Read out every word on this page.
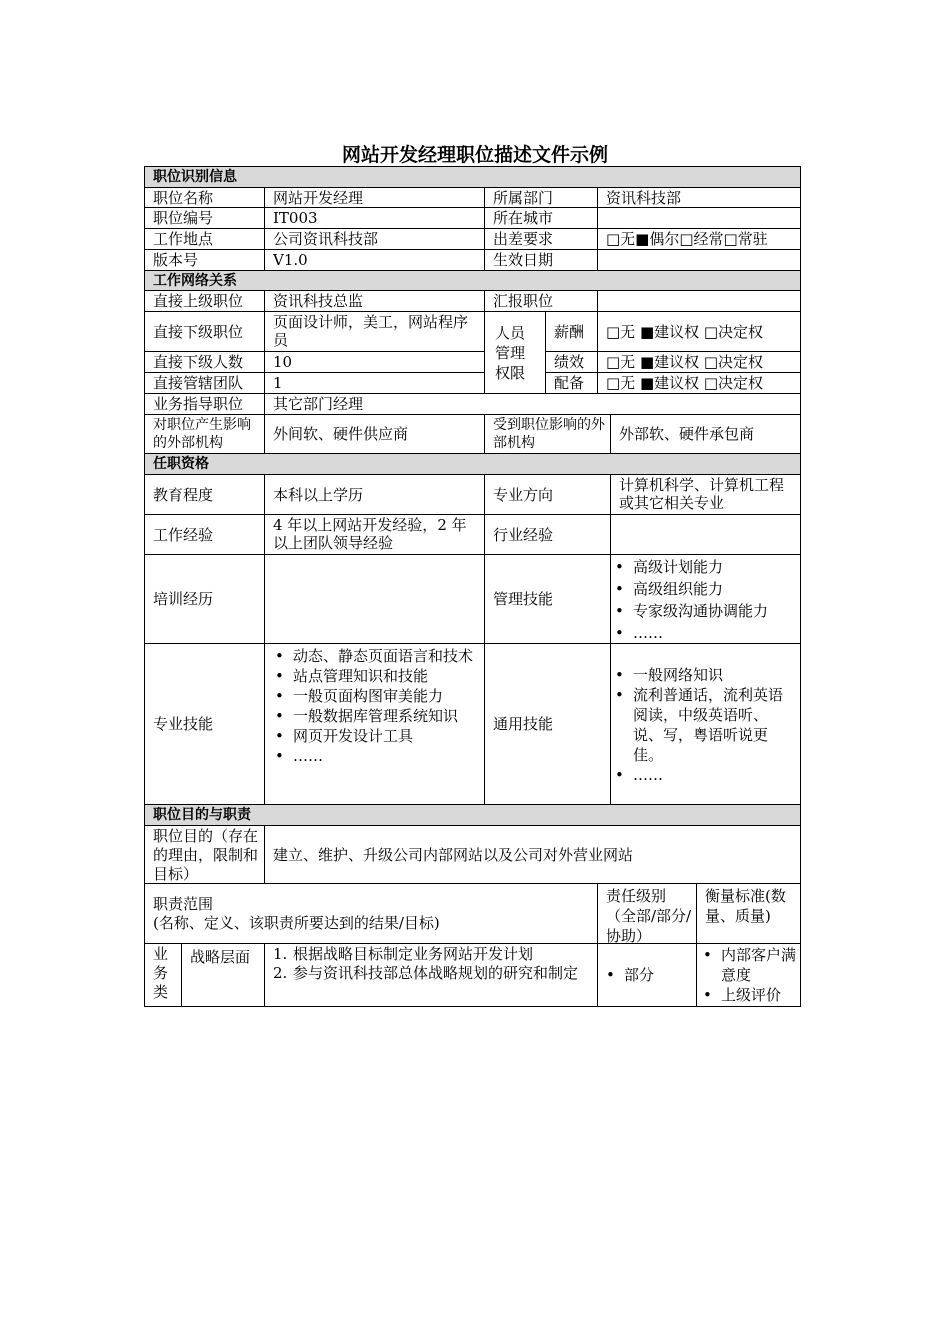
网站开发经理职位描述文件示例
职位识别信息
职位名称	网站开发经理	所属部门	资讯科技部
职位编号	IT003	所在城市
工作地点	公司资讯科技部	出差要求	□无■偶尔□经常□常驻
版本号	V1.0	生效日期
工作网络关系
直接上级职位	资讯科技总监	汇报职位
直接下级职位
页面设计师，美工，网站程序员	人员管理权限
薪酬 □无 ■建议权 □决定权
直接下级人数	10	绩效	□无 ■建议权 □决定权
直接管辖团队	1	配备	□无 ■建议权 □决定权
业务指导职位	其它部门经理
对职位产生影响的外部机构	外间软、硬件供应商	受到职位影响的外部机构	外部软、硬件承包商
任职资格
教育程度	本科以上学历	专业方向
计算机科学、计算机工程或其它相关专业
工作经验
4 年以上网站开发经验，2 年以上团队领导经验	行业经验
培训经历	管理技能
• 高级计划能力
• 高级组织能力
• 专家级沟通协调能力
• ……
专业技能
• 动态、静态页面语言和技术
• 站点管理知识和技能
• 一般页面构图审美能力
• 一般数据库管理系统知识
• 网页开发设计工具
• ……
通用技能
• 一般网络知识
• 流利普通话，流利英语阅读，中级英语听、说、写，粤语听说更佳。
• ……
职位目的与职责
职位目的（存在的理由，限制和目标）
建立、维护、升级公司内部网站以及公司对外营业网站
职责范围
(名称、定义、该职责所要达到的结果/目标)
责任级别（全部/部分/协助）
衡量标准(数量、质量)
业务类
战略层面	1. 根据战略目标制定业务网站开发计划
2. 参与资讯科技部总体战略规划的研究和制定
•	部分
• 内部客户满意度
• 上级评价
